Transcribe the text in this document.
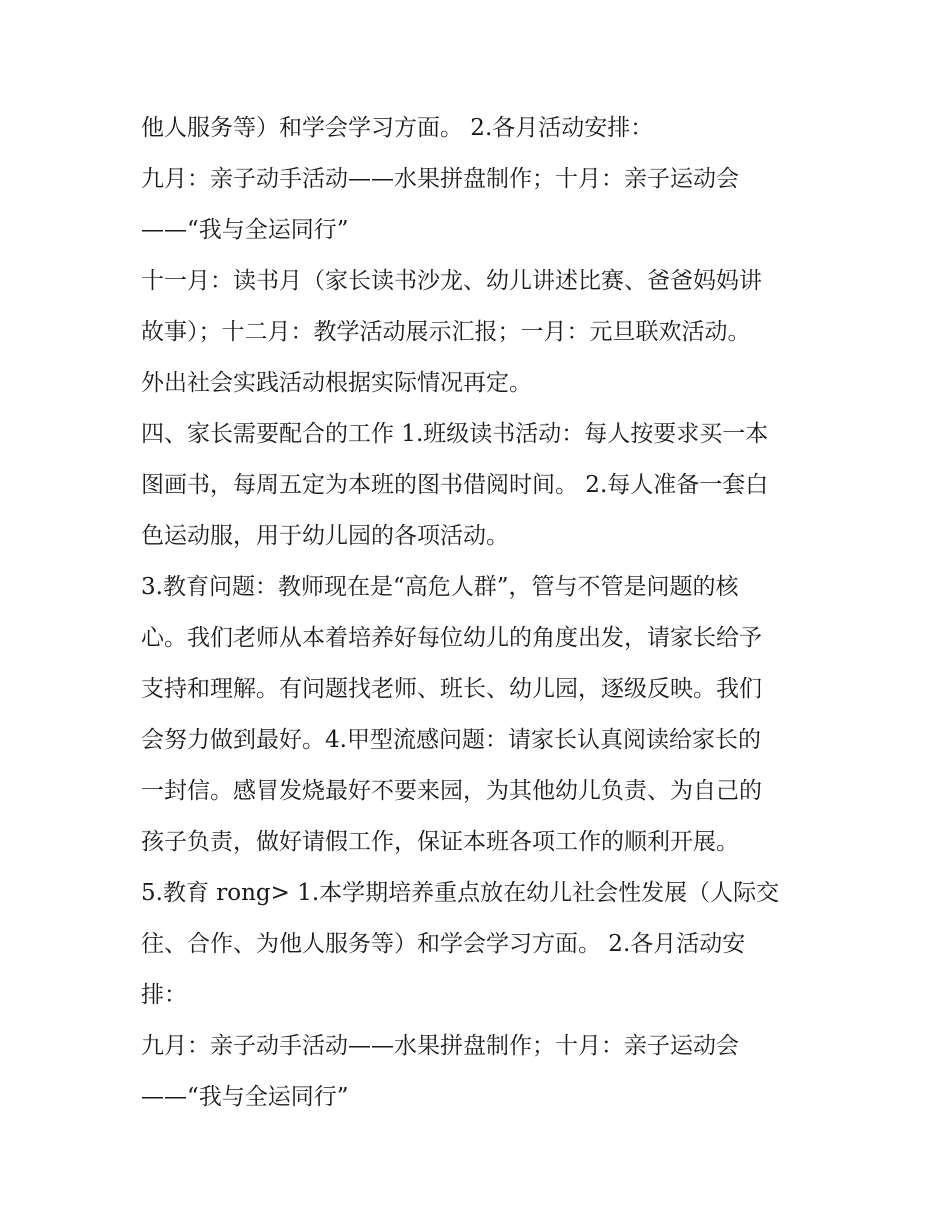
他人服务等）和学会学习方面。 2.各月活动安排：
九月：亲子动手活动——水果拼盘制作；十月：亲子运动会
——“我与全运同行”
十一月：读书月（家长读书沙龙、幼儿讲述比赛、爸爸妈妈讲
故事）；十二月：教学活动展示汇报；一月：元旦联欢活动。
外出社会实践活动根据实际情况再定。
四、家长需要配合的工作 1.班级读书活动：每人按要求买一本
图画书，每周五定为本班的图书借阅时间。 2.每人准备一套白
色运动服，用于幼儿园的各项活动。
3.教育问题：教师现在是“高危人群”，管与不管是问题的核
心。我们老师从本着培养好每位幼儿的角度出发，请家长给予
支持和理解。有问题找老师、班长、幼儿园，逐级反映。我们
会努力做到最好。4.甲型流感问题：请家长认真阅读给家长的
一封信。感冒发烧最好不要来园，为其他幼儿负责、为自己的
孩子负责，做好请假工作，保证本班各项工作的顺利开展。
5.教育 rong> 1.本学期培养重点放在幼儿社会性发展（人际交
往、合作、为他人服务等）和学会学习方面。 2.各月活动安
排：
九月：亲子动手活动——水果拼盘制作；十月：亲子运动会
——“我与全运同行”
